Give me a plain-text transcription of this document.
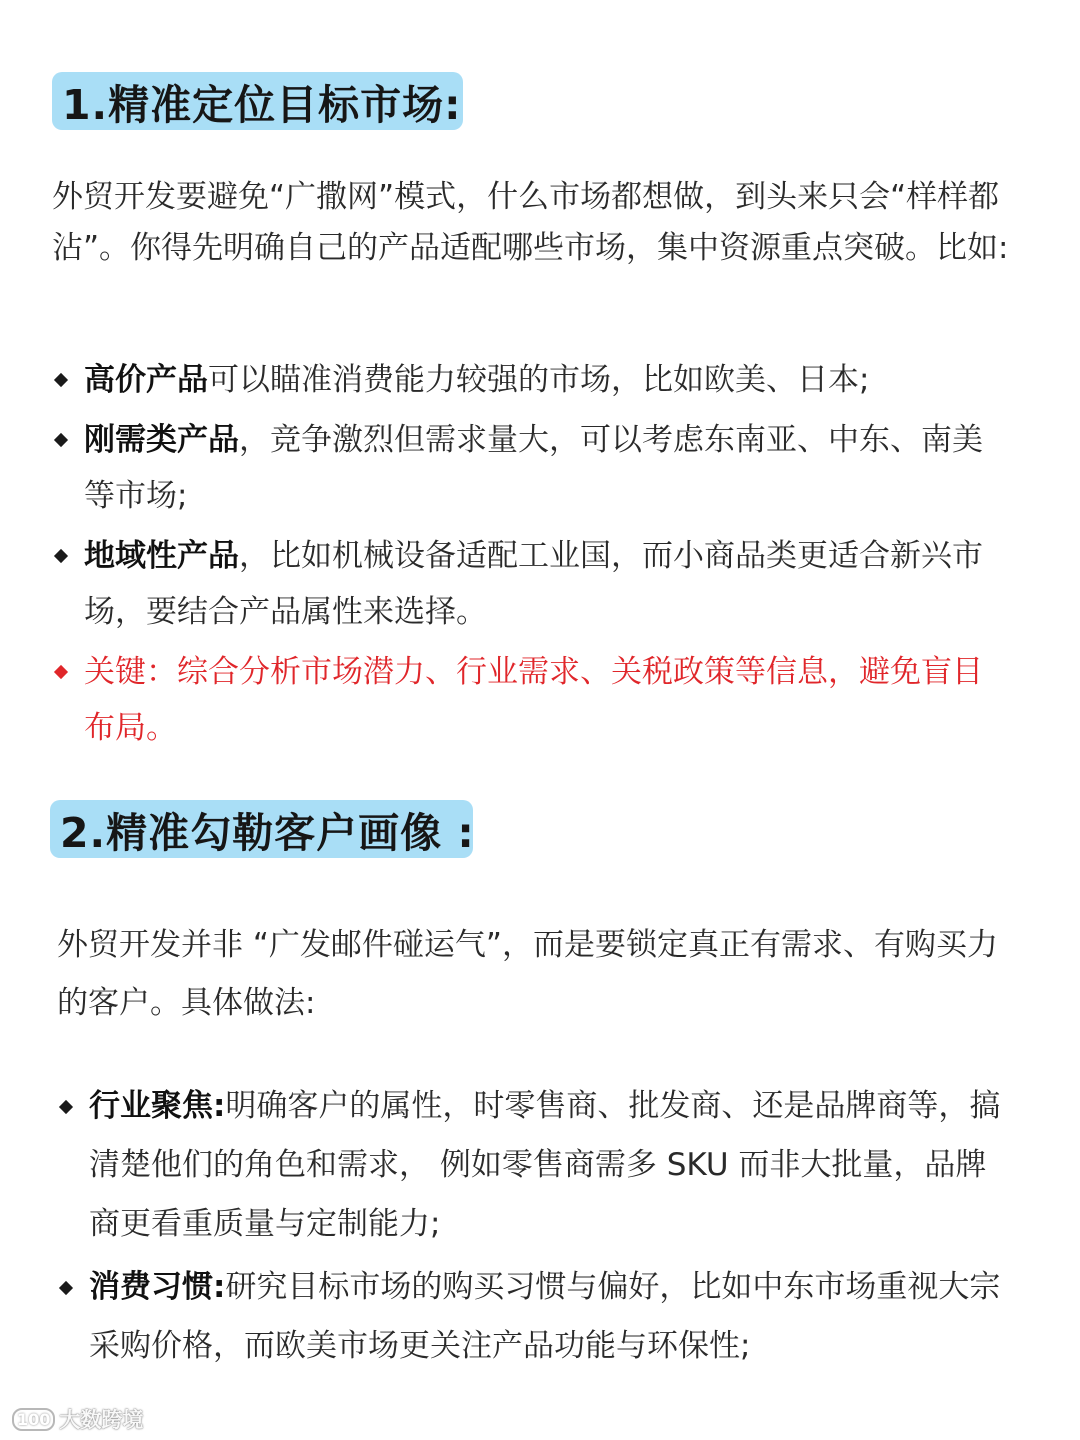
1.精准定位目标市场:

外贸开发要避免“广撒网”模式，什么市场都想做，到头来只会“样样都沾”。你得先明确自己的产品适配哪些市场，集中资源重点突破。比如:

高价产品可以瞄准消费能力较强的市场，比如欧美、日本;
刚需类产品，竞争激烈但需求量大，可以考虑东南亚、中东、南美等市场;
地域性产品，比如机械设备适配工业国，而小商品类更适合新兴市场，要结合产品属性来选择。
关键：综合分析市场潜力、行业需求、关税政策等信息，避免盲目布局。
2.精准勾勒客户画像 :

外贸开发并非 “广发邮件碰运气”，而是要锁定真正有需求、有购买力的客户。具体做法:

行业聚焦:明确客户的属性，时零售商、批发商、还是品牌商等，搞清楚他们的角色和需求， 例如零售商需多 SKU 而非大批量，品牌商更看重质量与定制能力;
消费习惯:研究目标市场的购买习惯与偏好，比如中东市场重视大宗采购价格，而欧美市场更关注产品功能与环保性;
100 大数跨境
